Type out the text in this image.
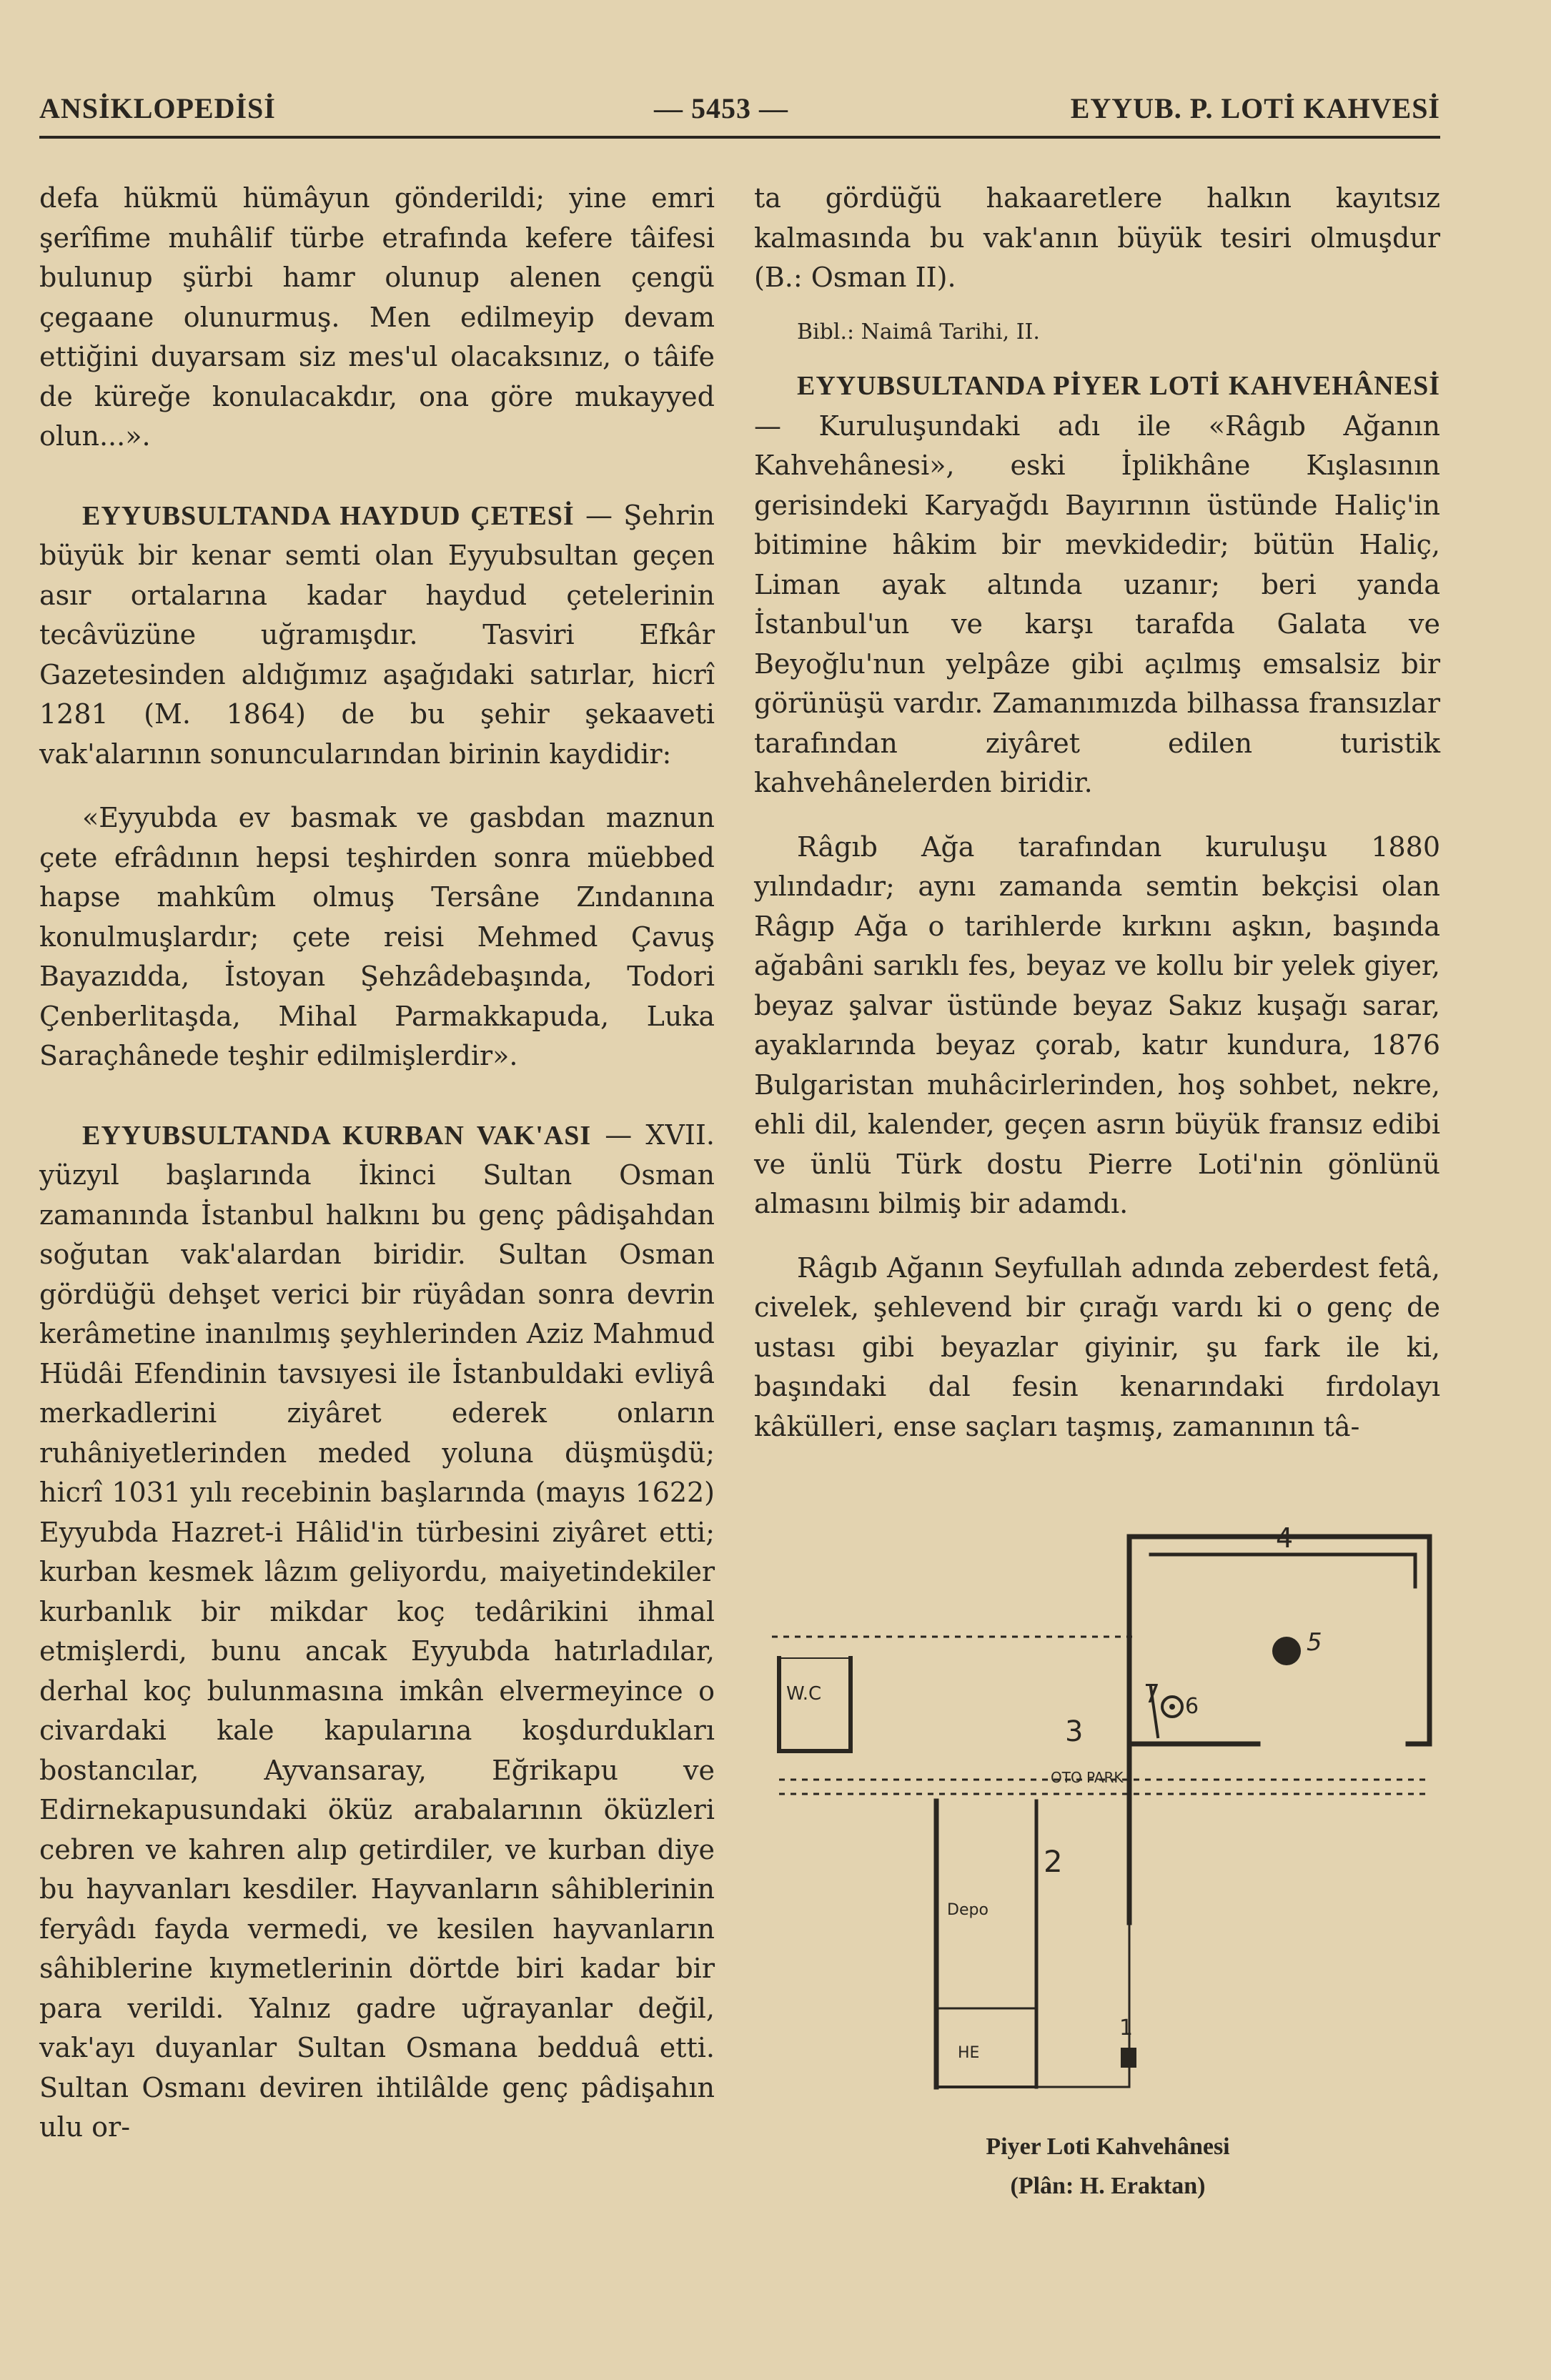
ANSİKLOPEDİSİ	— 5453 —	EYYUB. P. LOTİ KAHVESİ

defa hükmü hümâyun gönderildi; yine emri şerîfime muhâlif türbe etrafında kefere tâifesi bulunup şürbi hamr olunup alenen çengü çegaane olunurmuş. Men edilmeyip devam ettiğini duyarsam siz mes'ul olacaksınız, o tâife de küreğe konulacakdır, ona göre mukayyed olun...».

EYYUBSULTANDA HAYDUD ÇETESİ — Şehrin büyük bir kenar semti olan Eyyubsultan geçen asır ortalarına kadar haydud çetelerinin tecâvüzüne uğramışdır. Tasviri Efkâr Gazetesinden aldığımız aşağıdaki satırlar, hicrî 1281 (M. 1864) de bu şehir şekaaveti vak'alarının sonuncularından birinin kaydidir:

«Eyyubda ev basmak ve gasbdan maznun çete efrâdının hepsi teşhirden sonra müebbed hapse mahkûm olmuş Tersâne Zındanına konulmuşlardır; çete reisi Mehmed Çavuş Bayazıdda, İstoyan Şehzâdebaşında, Todori Çenberlitaşda, Mihal Parmakkapuda, Luka Saraçhânede teşhir edilmişlerdir».

EYYUBSULTANDA KURBAN VAK'ASI — XVII. yüzyıl başlarında İkinci Sultan Osman zamanında İstanbul halkını bu genç pâdişahdan soğutan vak'alardan biridir. Sultan Osman gördüğü dehşet verici bir rüyâdan sonra devrin kerâmetine inanılmış şeyhlerinden Aziz Mahmud Hüdâi Efendinin tavsıyesi ile İstanbuldaki evliyâ merkadlerini ziyâret ederek onların ruhâniyetlerinden meded yoluna düşmüşdü; hicrî 1031 yılı recebinin başlarında (mayıs 1622) Eyyubda Hazret-i Hâlid'in türbesini ziyâret etti; kurban kesmek lâzım geliyordu, maiyetindekiler kurbanlık bir mikdar koç tedârikini ihmal etmişlerdi, bunu ancak Eyyubda hatırladılar, derhal koç bulunmasına imkân elvermeyince o civardaki kale kapularına koşdurdukları bostancılar, Ayvansaray, Eğrikapu ve Edirnekapusundaki öküz arabalarının öküzleri cebren ve kahren alıp getirdiler, ve kurban diye bu hayvanları kesdiler. Hayvanların sâhiblerinin feryâdı fayda vermedi, ve kesilen hayvanların sâhiblerine kıymetlerinin dörtde biri kadar bir para verildi. Yalnız gadre uğrayanlar değil, vak'ayı duyanlar Sultan Osmana bedduâ etti. Sultan Osmanı deviren ihtilâlde genç pâdişahın ulu or-

ta gördüğü hakaaretlere halkın kayıtsız kalmasında bu vak'anın büyük tesiri olmuşdur (B.: Osman II).

Bibl.: Naimâ Tarihi, II.

EYYUBSULTANDA PİYER LOTİ KAHVEHÂNESİ — Kuruluşundaki adı ile «Râgıb Ağanın Kahvehânesi», eski İplikhâne Kışlasının gerisindeki Karyağdı Bayırının üstünde Haliç'in bitimine hâkim bir mevkidedir; bütün Haliç, Liman ayak altında uzanır; beri yanda İstanbul'un ve karşı tarafda Galata ve Beyoğlu'nun yelpâze gibi açılmış emsalsiz bir görünüşü vardır. Zamanımızda bilhassa fransızlar tarafından ziyâret edilen turistik kahvehânelerden biridir.

Râgıb Ağa tarafından kuruluşu 1880 yılındadır; aynı zamanda semtin bekçisi olan Râgıp Ağa o tarihlerde kırkını aşkın, başında ağabâni sarıklı fes, beyaz ve kollu bir yelek giyer, beyaz şalvar üstünde beyaz Sakız kuşağı sarar, ayaklarında beyaz çorab, katır kundura, 1876 Bulgaristan muhâcirlerinden, hoş sohbet, nekre, ehli dil, kalender, geçen asrın büyük fransız edibi ve ünlü Türk dostu Pierre Loti'nin gönlünü almasını bilmiş bir adamdı.

Râgıb Ağanın Seyfullah adında zeberdest fetâ, civelek, şehlevend bir çırağı vardı ki o genç de ustası gibi beyazlar giyinir, şu fark ile ki, başındaki dal fesin kenarındaki fırdolayı kâkülleri, ense saçları taşmış, zamanının tâ-

4
5
7 6
3
W.C
OTO PARK
2
Depo
1
HE
Piyer Loti Kahvehânesi
(Plân: H. Eraktan)
